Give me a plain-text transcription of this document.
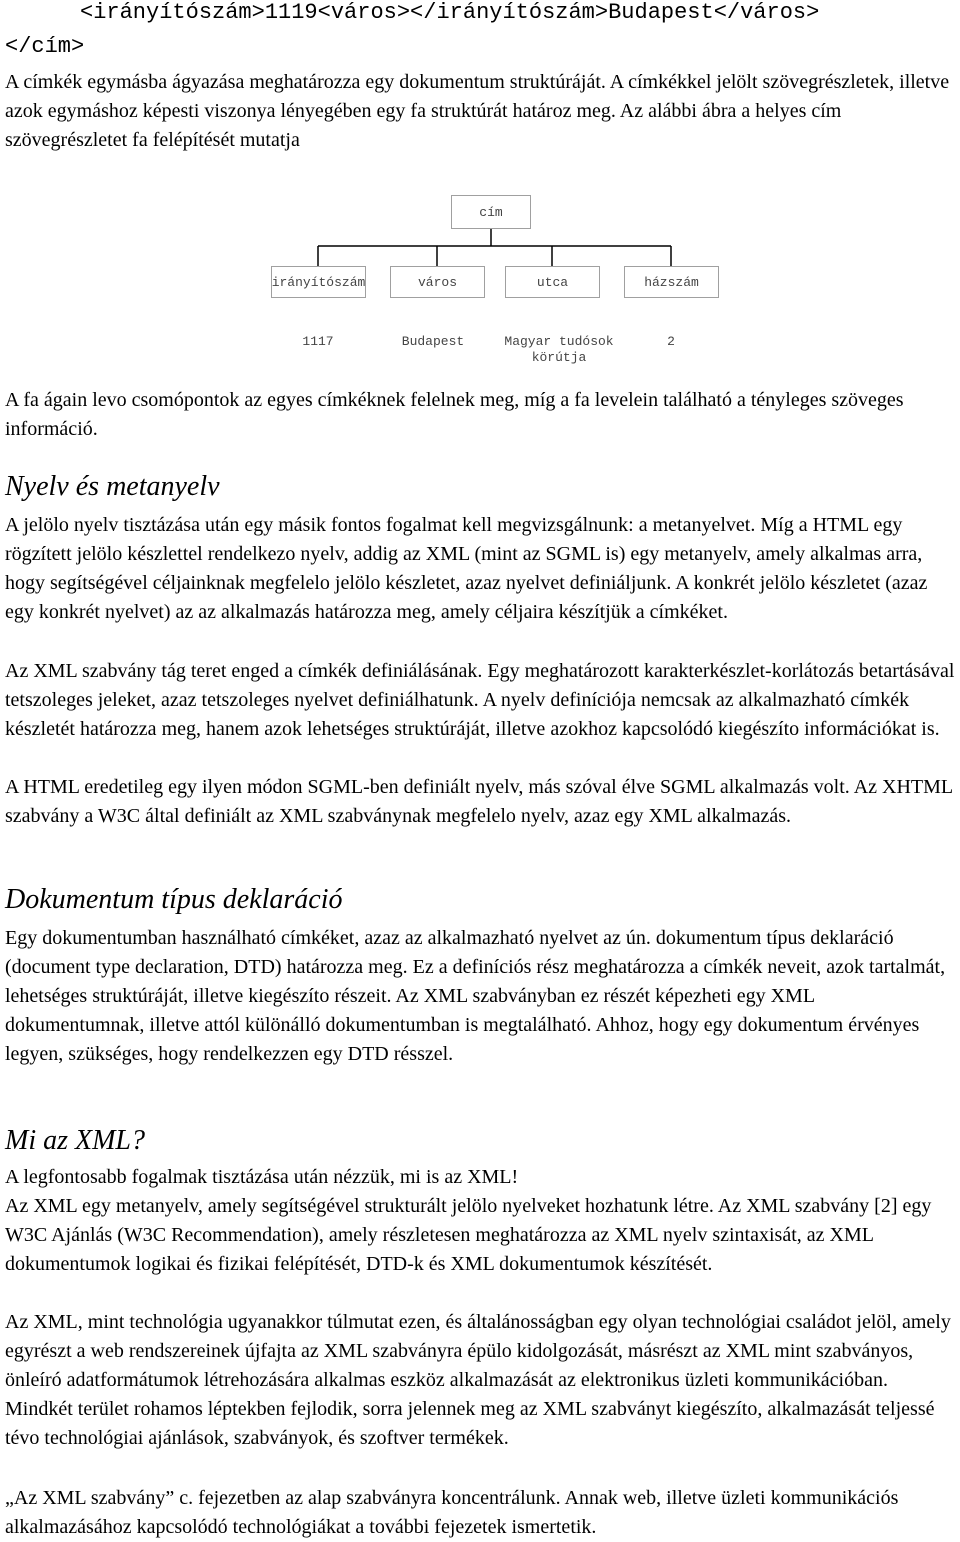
<irányítószám>1119<város></irányítószám>Budapest</város>
</cím>

A címkék egymásba ágyazása meghatározza egy dokumentum struktúráját. A címkékkel jelölt szövegrészletek, illetve azok egymáshoz képesti viszonya lényegében egy fa struktúrát határoz meg. Az alábbi ábra a helyes cím szövegrészletet fa felépítését mutatja

cím
irányítószám	város	utca	házszám
1117	Budapest	Magyar tudósok körútja
2

A fa ágain levo csomópontok az egyes címkéknek felelnek meg, míg a fa levelein található a tényleges szöveges információ.

Nyelv és metanyelv

A jelölo nyelv tisztázása után egy másik fontos fogalmat kell megvizsgálnunk: a metanyelvet. Míg a HTML egy rögzített jelölo készlettel rendelkezo nyelv, addig az XML (mint az SGML is) egy metanyelv, amely alkalmas arra, hogy segítségével céljainknak megfelelo jelölo készletet, azaz nyelvet definiáljunk. A konkrét jelölo készletet (azaz egy konkrét nyelvet) az az alkalmazás határozza meg, amely céljaira készítjük a címkéket.

Az XML szabvány tág teret enged a címkék definiálásának. Egy meghatározott karakterkészlet-korlátozás betartásával tetszoleges jeleket, azaz tetszoleges nyelvet definiálhatunk. A nyelv definíciója nemcsak az alkalmazható címkék készletét határozza meg, hanem azok lehetséges struktúráját, illetve azokhoz kapcsolódó kiegészíto információkat is.

A HTML eredetileg egy ilyen módon SGML-ben definiált nyelv, más szóval élve SGML alkalmazás volt. Az XHTML szabvány a W3C által definiált az XML szabványnak megfelelo nyelv, azaz egy XML alkalmazás.

Dokumentum típus deklaráció

Egy dokumentumban használható címkéket, azaz az alkalmazható nyelvet az ún. dokumentum típus deklaráció (document type declaration, DTD) határozza meg. Ez a definíciós rész meghatározza a címkék neveit, azok tartalmát, lehetséges struktúráját, illetve kiegészíto részeit. Az XML szabványban ez részét képezheti egy XML dokumentumnak, illetve attól különálló dokumentumban is megtalálható. Ahhoz, hogy egy dokumentum érvényes legyen, szükséges, hogy rendelkezzen egy DTD résszel.

Mi az XML?

A legfontosabb fogalmak tisztázása után nézzük, mi is az XML!

Az XML egy metanyelv, amely segítségével strukturált jelölo nyelveket hozhatunk létre. Az XML szabvány [2] egy W3C Ajánlás (W3C Recommendation), amely részletesen meghatározza az XML nyelv szintaxisát, az XML dokumentumok logikai és fizikai felépítését, DTD-k és XML dokumentumok készítését.

Az XML, mint technológia ugyanakkor túlmutat ezen, és általánosságban egy olyan technológiai családot jelöl, amely egyrészt a web rendszereinek újfajta az XML szabványra épülo kidolgozását, másrészt az XML mint szabványos, önleíró adatformátumok létrehozására alkalmas eszköz alkalmazását az elektronikus üzleti kommunikációban. Mindkét terület rohamos léptekben fejlodik, sorra jelennek meg az XML szabványt kiegészíto, alkalmazását teljessé tévo technológiai ajánlások, szabványok, és szoftver termékek.

„Az XML szabvány” c. fejezetben az alap szabványra koncentrálunk. Annak web, illetve üzleti kommunikációs alkalmazásához kapcsolódó technológiákat a további fejezetek ismertetik.
